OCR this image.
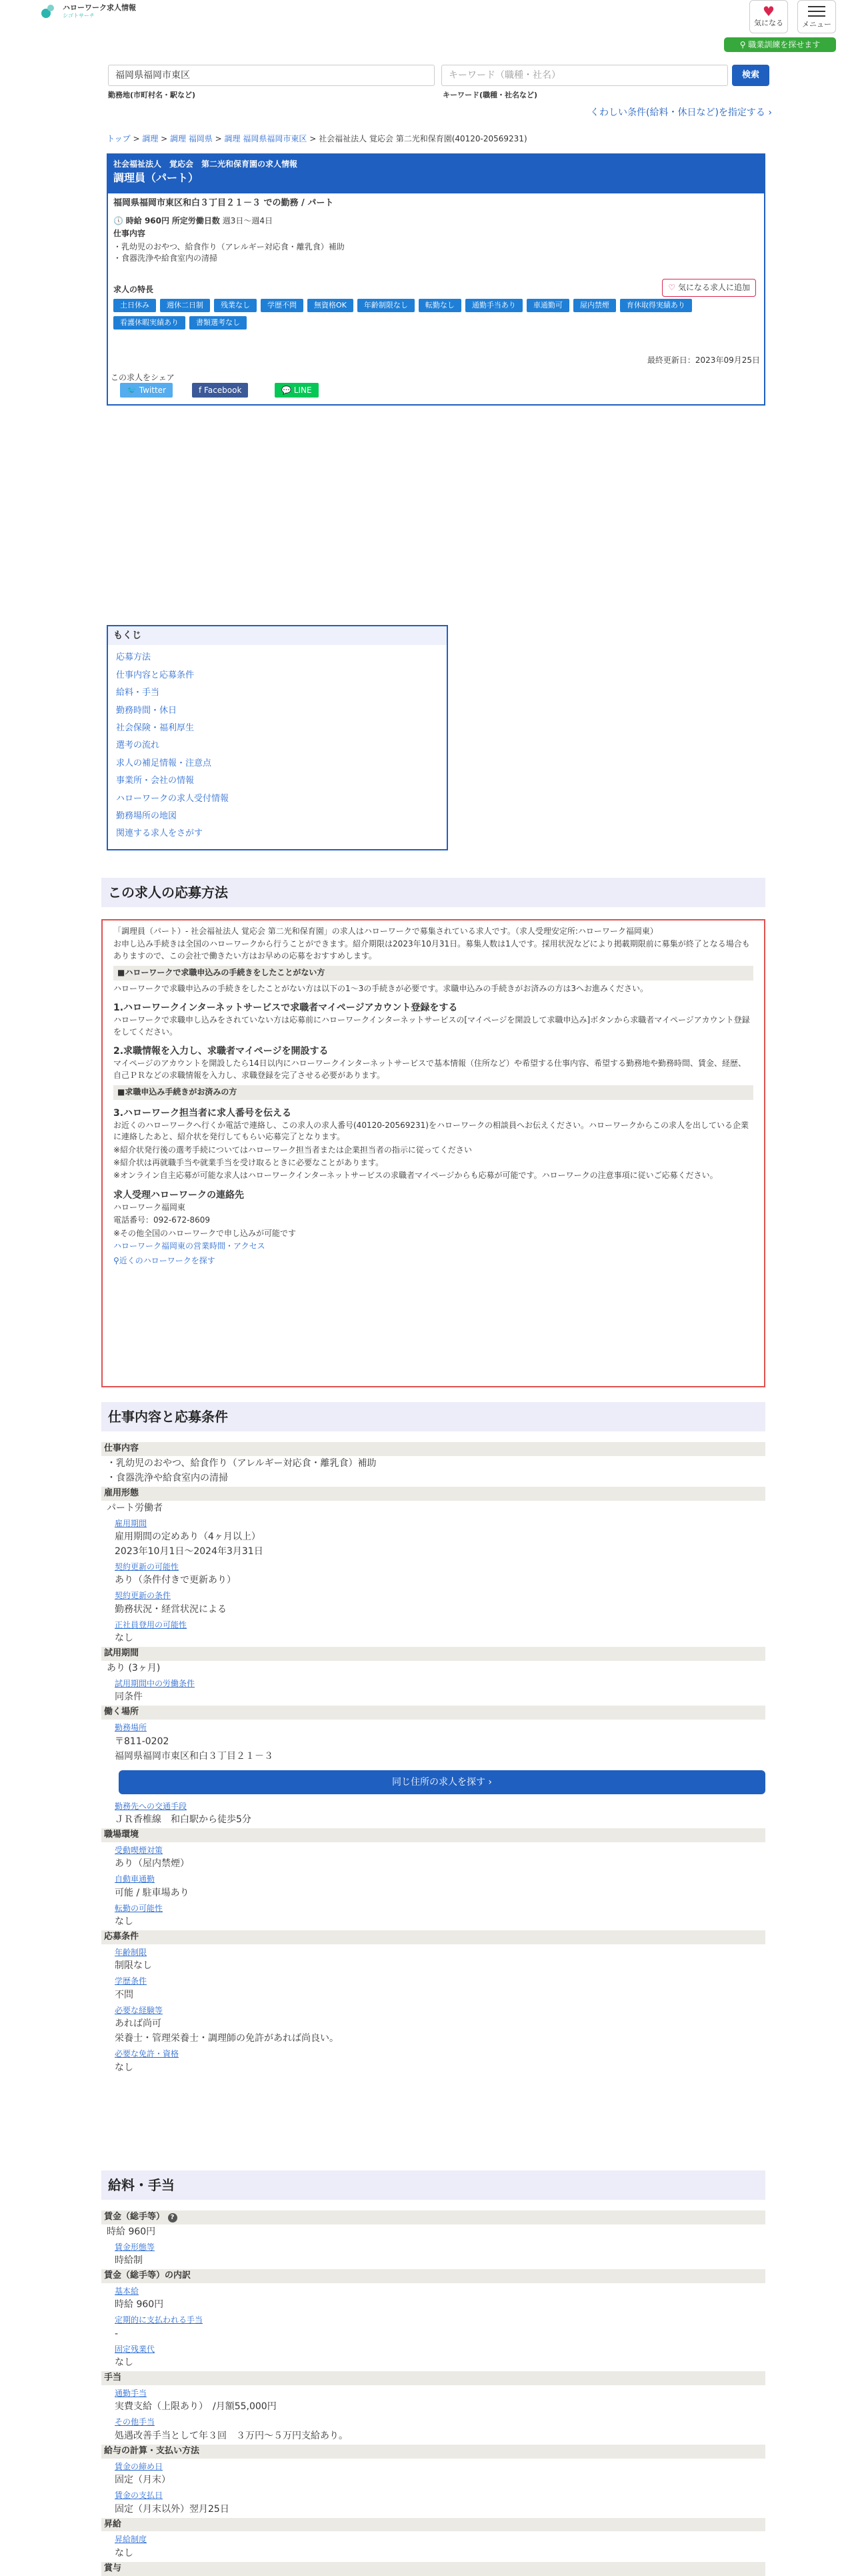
ハローワーク求人情報
シゴトサーチ	♥
気になる	メニュー
⚲ 職業訓練を探せます
福岡県福岡市東区	キーワード（職種・社名）	検索
勤務地(市町村名・駅など)	キーワード(職種・社名など)
くわしい条件(給料・休日など)を指定する ›
トップ > 調理 > 調理 福岡県 > 調理 福岡県福岡市東区 > 社会福祉法人 覚応会 第二光和保育園(40120-20569231)
社会福祉法人　覚応会　第二光和保育園の求人情報
調理員（パート）
福岡県福岡市東区和白３丁目２１－３ での勤務 / パート
🕔 時給 960円 所定労働日数 週3日～週4日
仕事内容
・乳幼児のおやつ、給食作り（アレルギー対応食・離乳食）補助
・食器洗浄や給食室内の清掃
求人の特長
土日休み	週休二日制	残業なし	学歴不問	無資格OK	年齢制限なし	転勤なし	通勤手当あり	車通勤可	屋内禁煙	育休取得実績あり
看護休暇実績あり	書類選考なし
♡ 気になる求人に追加
最終更新日：2023年09月25日
この求人をシェア
🐦 Twitter	f Facebook	💬 LINE
もくじ
応募方法
仕事内容と応募条件
給料・手当
勤務時間・休日
社会保険・福利厚生
選考の流れ
求人の補足情報・注意点
事業所・会社の情報
ハローワークの求人受付情報
勤務場所の地図
関連する求人をさがす
この求人の応募方法

「調理員（パート）- 社会福祉法人 覚応会 第二光和保育園」の求人はハローワークで募集されている求人です。（求人受理安定所:ハローワーク福岡東）

お申し込み手続きは全国のハローワークから行うことができます。紹介期限は2023年10月31日。募集人数は1人です。採用状況などにより掲載期限前に募集が終了となる場合もありますので、この会社で働きたい方はお早めの応募をおすすめします。

■ハローワークで求職申込みの手続きをしたことがない方

ハローワークで求職申込みの手続きをしたことがない方は以下の1〜3の手続きが必要です。求職申込みの手続きがお済みの方は3へお進みください。

1.ハローワークインターネットサービスで求職者マイページアカウント登録をする

ハローワークで求職申し込みをされていない方は応募前にハローワークインターネットサービスの[マイページを開設して求職申込み]ボタンから求職者マイページアカウント登録をしてください。

2.求職情報を入力し、求職者マイページを開設する

マイページのアカウントを開設したら14日以内にハローワークインターネットサービスで基本情報（住所など）や希望する仕事内容、希望する勤務地や勤務時間、賃金、経歴、自己ＰＲなどの求職情報を入力し、求職登録を完了させる必要があります。

■求職申込み手続きがお済みの方
3.ハローワーク担当者に求人番号を伝える

お近くのハローワークへ行くか電話で連絡し、この求人の求人番号(40120-20569231)をハローワークの相談員へお伝えください。ハローワークからこの求人を出している企業に連絡したあと、紹介状を発行してもらい応募完了となります。

※紹介状発行後の選考手続についてはハローワーク担当者または企業担当者の指示に従ってください

※紹介状は再就職手当や就業手当を受け取るときに必要なことがあります。

※オンライン自主応募が可能な求人はハローワークインターネットサービスの求職者マイページからも応募が可能です。ハローワークの注意事項に従いご応募ください。

求人受理ハローワークの連絡先

ハローワーク福岡東

電話番号：092-672-8609

※その他全国のハローワークで申し込みが可能です

ハローワーク福岡東の営業時間・アクセス

⚲近くのハローワークを探す

仕事内容と応募条件
仕事内容
・乳幼児のおやつ、給食作り（アレルギー対応食・離乳食）補助
・食器洗浄や給食室内の清掃
雇用形態
パート労働者
雇用期間
雇用期間の定めあり（4ヶ月以上）
2023年10月1日～2024年3月31日
契約更新の可能性
あり（条件付きで更新あり）
契約更新の条件
勤務状況・経営状況による
正社員登用の可能性
なし
試用期間
あり (3ヶ月)
試用期間中の労働条件
同条件
働く場所
勤務場所
〒811-0202
福岡県福岡市東区和白３丁目２１－３
同じ住所の求人を探す ›
勤務先への交通手段
ＪＲ香椎線　和白駅から徒歩5分
職場環境
受動喫煙対策
あり（屋内禁煙）
自動車通勤
可能 / 駐車場あり
転勤の可能性
なし
応募条件
年齢制限
制限なし
学歴条件
不問
必要な経験等
あれば尚可
栄養士・管理栄養士・調理師の免許があれば尚良い。
必要な免許・資格
なし
給料・手当
賃金（総手等） ?
時給 960円
賃金形態等
時給制
賃金（総手等）の内訳
基本給
時給 960円
定期的に支払われる手当
-
固定残業代
なし
手当
通勤手当
実費支給（上限あり）　/月額55,000円
その他手当
処遇改善手当として年３回　３万円～５万円支給あり。
給与の計算・支払い方法
賃金の締め日
固定（月末）
賃金の支払日
固定（月末以外）翌月25日
昇給
昇給制度
なし
賞与
